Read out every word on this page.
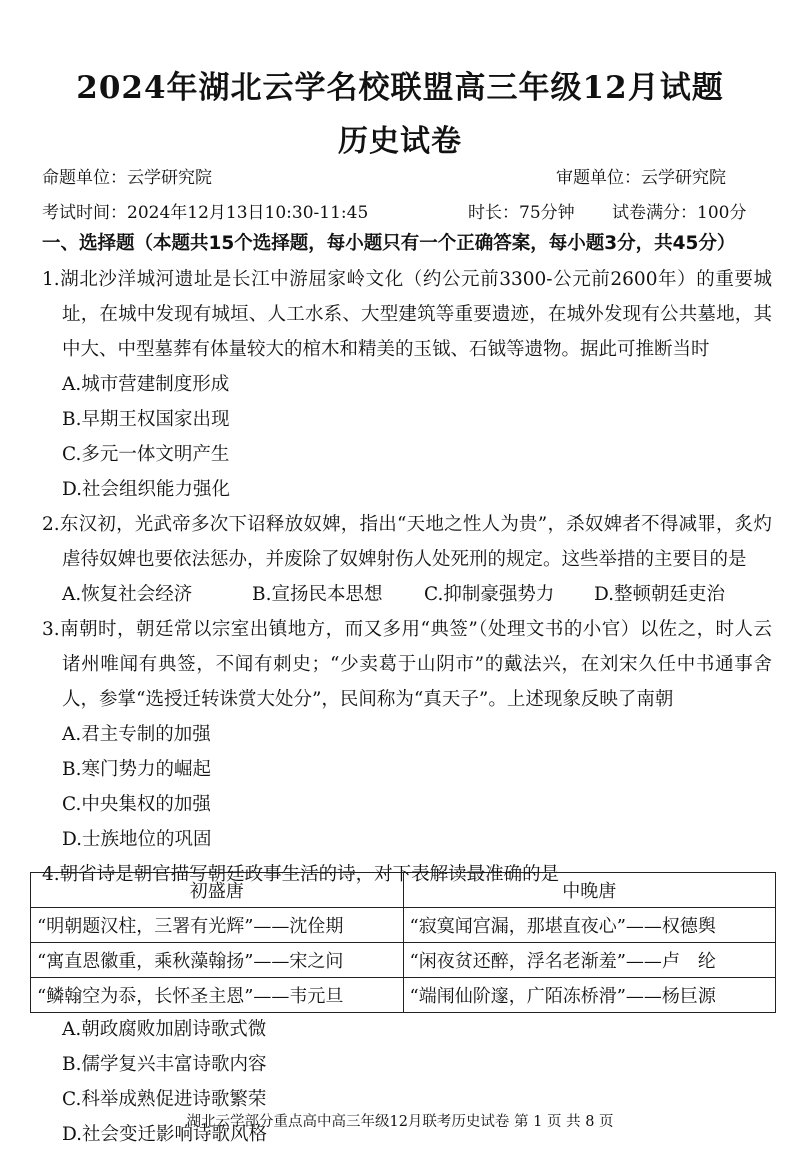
2024年湖北云学名校联盟高三年级12月试题
历史试卷
命题单位：云学研究院	审题单位：云学研究院
考试时间：2024年12月13日10:30-11:45	时长：75分钟 试卷满分：100分
一、选择题（本题共15个选择题，每小题只有一个正确答案，每小题3分，共45分）
1.湖北沙洋城河遗址是长江中游屈家岭文化（约公元前3300-公元前2600年）的重要城址，在城中发现有城垣、人工水系、大型建筑等重要遗迹，在城外发现有公共墓地，其中大、中型墓葬有体量较大的棺木和精美的玉钺、石钺等遗物。据此可推断当时
A.城市营建制度形成
B.早期王权国家出现
C.多元一体文明产生
D.社会组织能力强化
2.东汉初，光武帝多次下诏释放奴婢，指出“天地之性人为贵”，杀奴婢者不得减罪，炙灼虐待奴婢也要依法惩办，并废除了奴婢射伤人处死刑的规定。这些举措的主要目的是
A.恢复社会经济	B.宣扬民本思想	C.抑制豪强势力	D.整顿朝廷吏治
3.南朝时，朝廷常以宗室出镇地方，而又多用“典签”（处理文书的小官）以佐之，时人云诸州唯闻有典签，不闻有刺史；“少卖葛于山阴市”的戴法兴，在刘宋久任中书通事舍人，参掌“选授迁转诛赏大处分”，民间称为“真天子”。上述现象反映了南朝
A.君主专制的加强
B.寒门势力的崛起
C.中央集权的加强
D.士族地位的巩固
4.朝省诗是朝官描写朝廷政事生活的诗，对下表解读最准确的是
初盛唐	中晚唐
“明朝题汉柱，三署有光辉”——沈佺期	“寂寞闻宫漏，那堪直夜心”——权德舆
“寓直恩徽重，乘秋藻翰扬”——宋之问	“闲夜贫还醉，浮名老渐羞”——卢　纶
“鳞翰空为忝，长怀圣主恩”——韦元旦	“端闱仙阶邃，广陌冻桥滑”——杨巨源
A.朝政腐败加剧诗歌式微
B.儒学复兴丰富诗歌内容
C.科举成熟促进诗歌繁荣
D.社会变迁影响诗歌风格
湖北云学部分重点高中高三年级12月联考历史试卷 第 1 页 共 8 页
